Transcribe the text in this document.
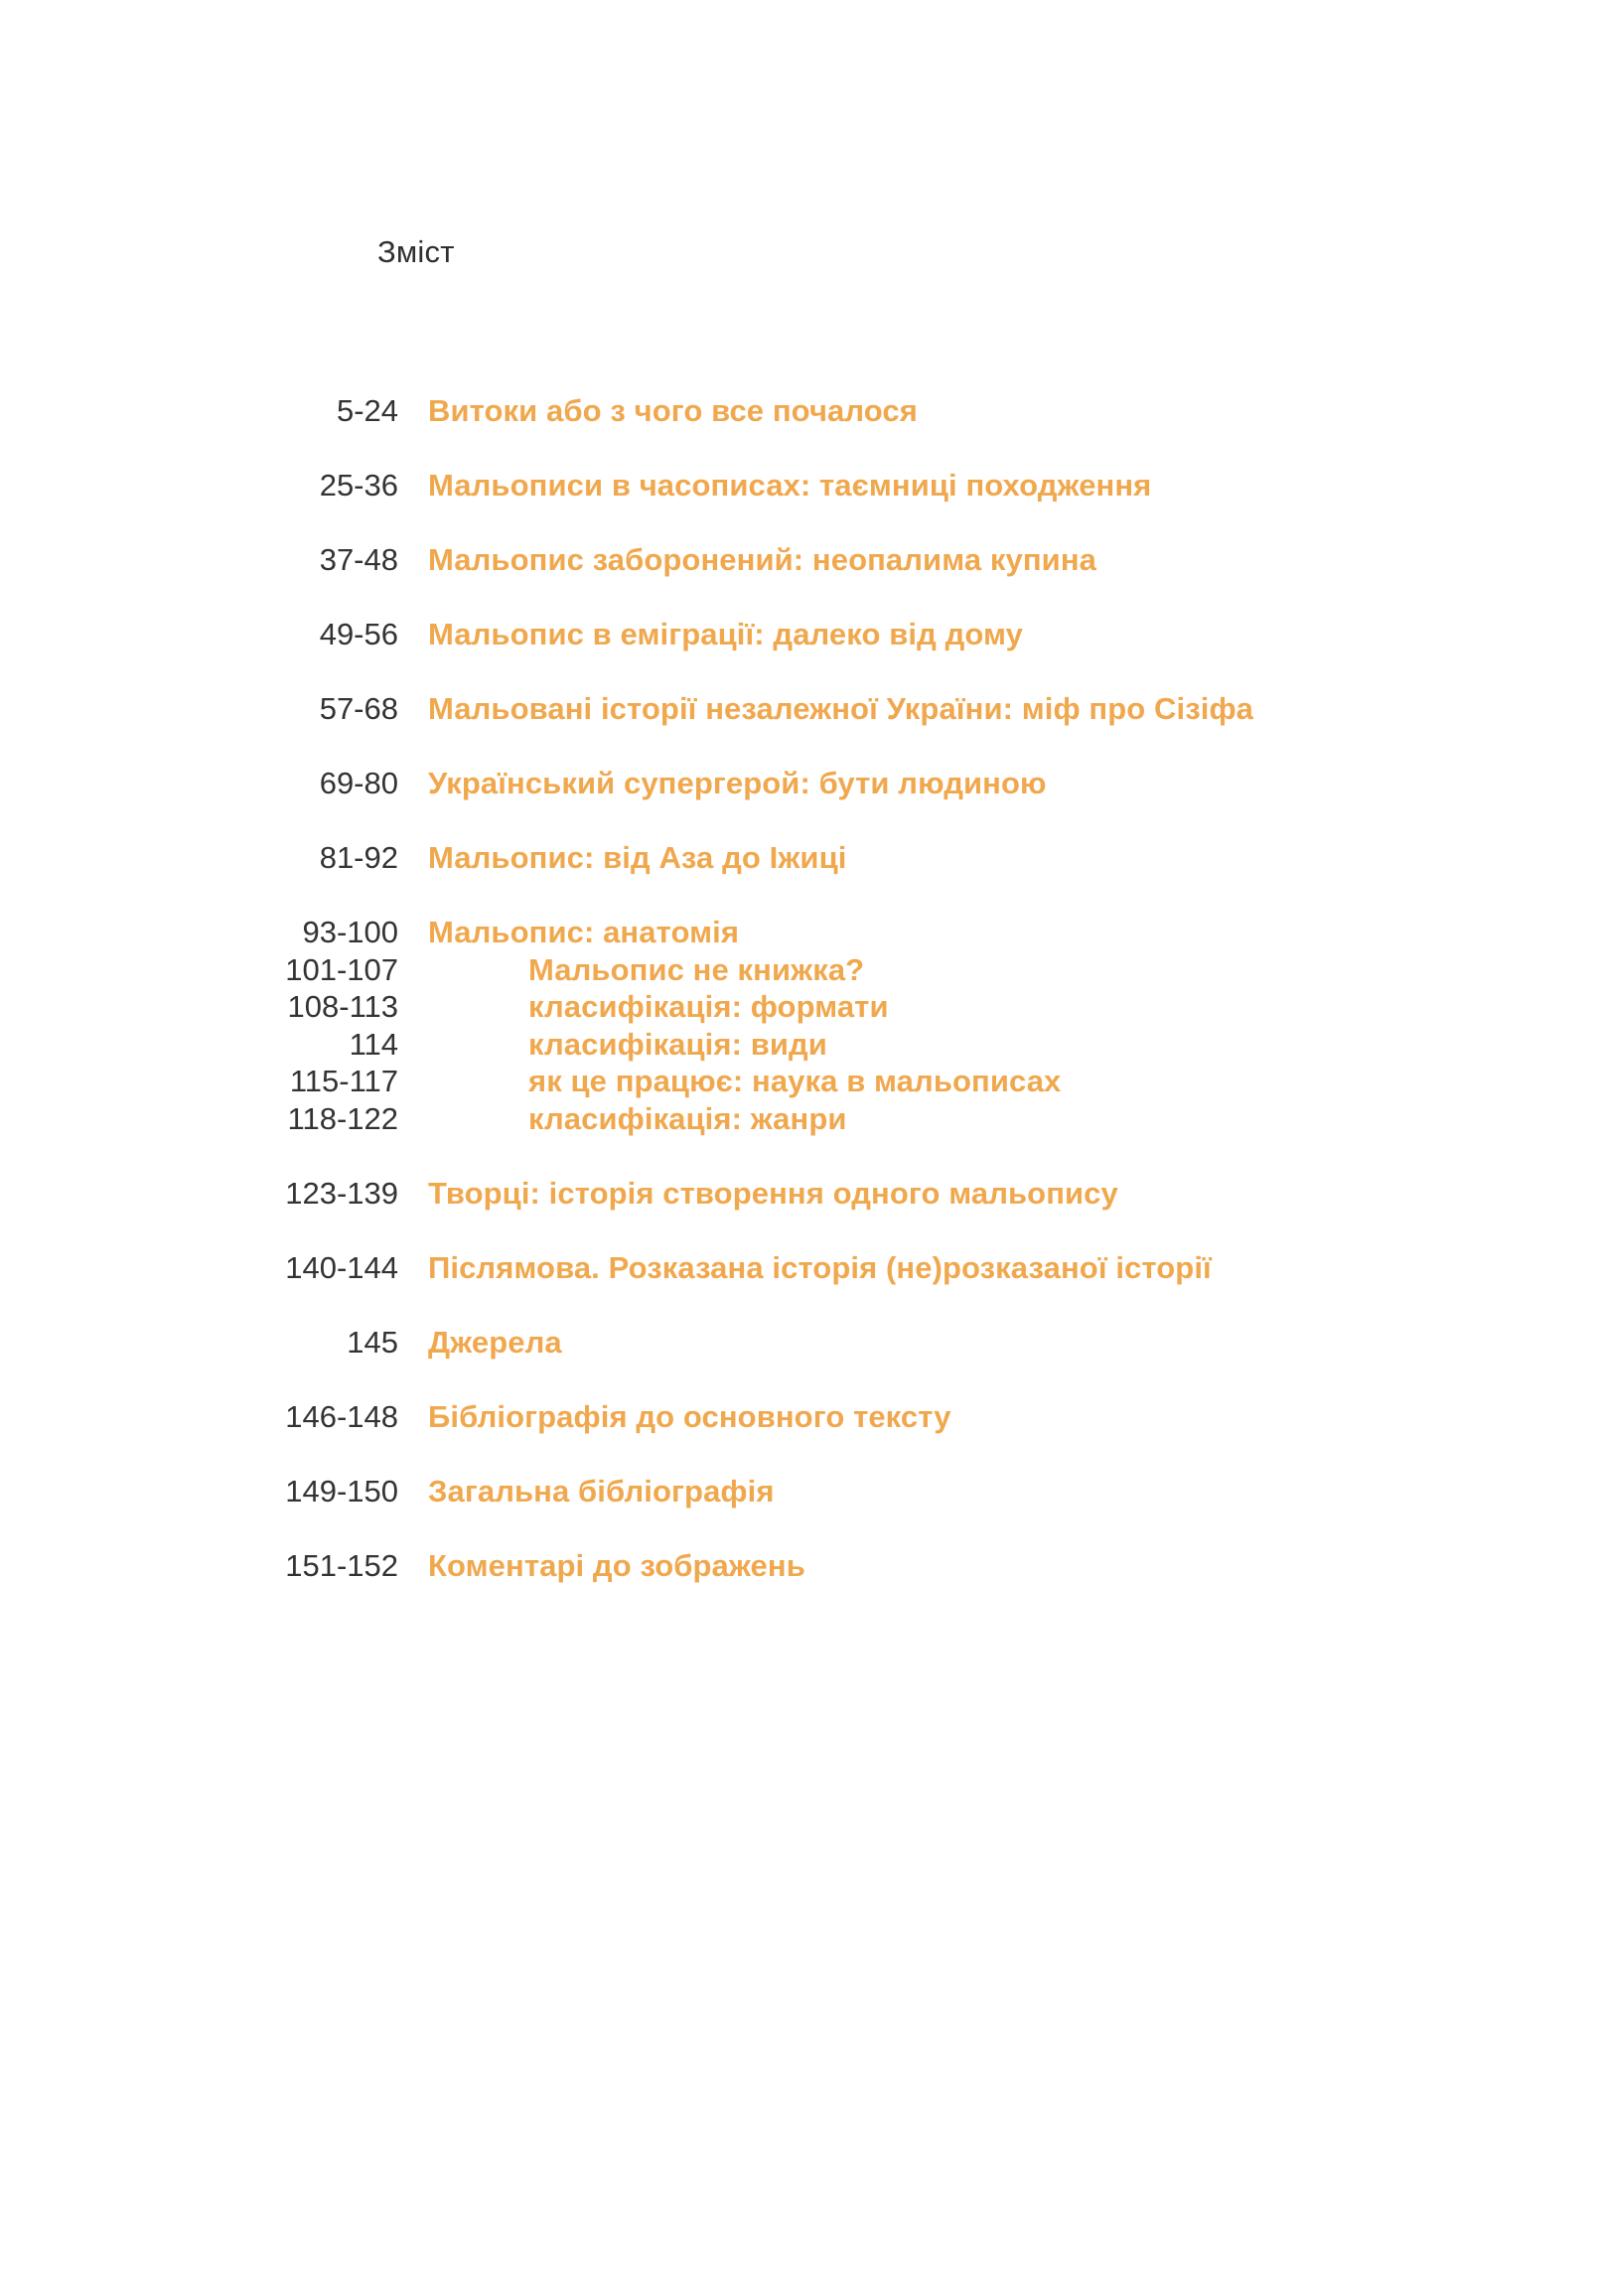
Зміст
5-24 Витоки або з чого все почалося
25-36 Мальописи в часописах: таємниці походження
37-48 Мальопис заборонений: неопалима купина
49-56 Мальопис в еміграції: далеко від дому
57-68 Мальовані історії незалежної України: міф про Сізіфа
69-80 Український супергерой: бути людиною
81-92 Мальопис: від Аза до Іжиці
93-100 Мальопис: анатомія
101-107	Мальопис не книжка?
108-113	класифікація: формати
114	класифікація: види
115-117	як це працює: наука в мальописах
118-122	класифікація: жанри
123-139 Творці: історія створення одного мальопису
140-144 Післямова. Розказана історія (не)розказаної історії
145 Джерела
146-148 Бібліографія до основного тексту
149-150 Загальна бібліографія
151-152 Коментарі до зображень
